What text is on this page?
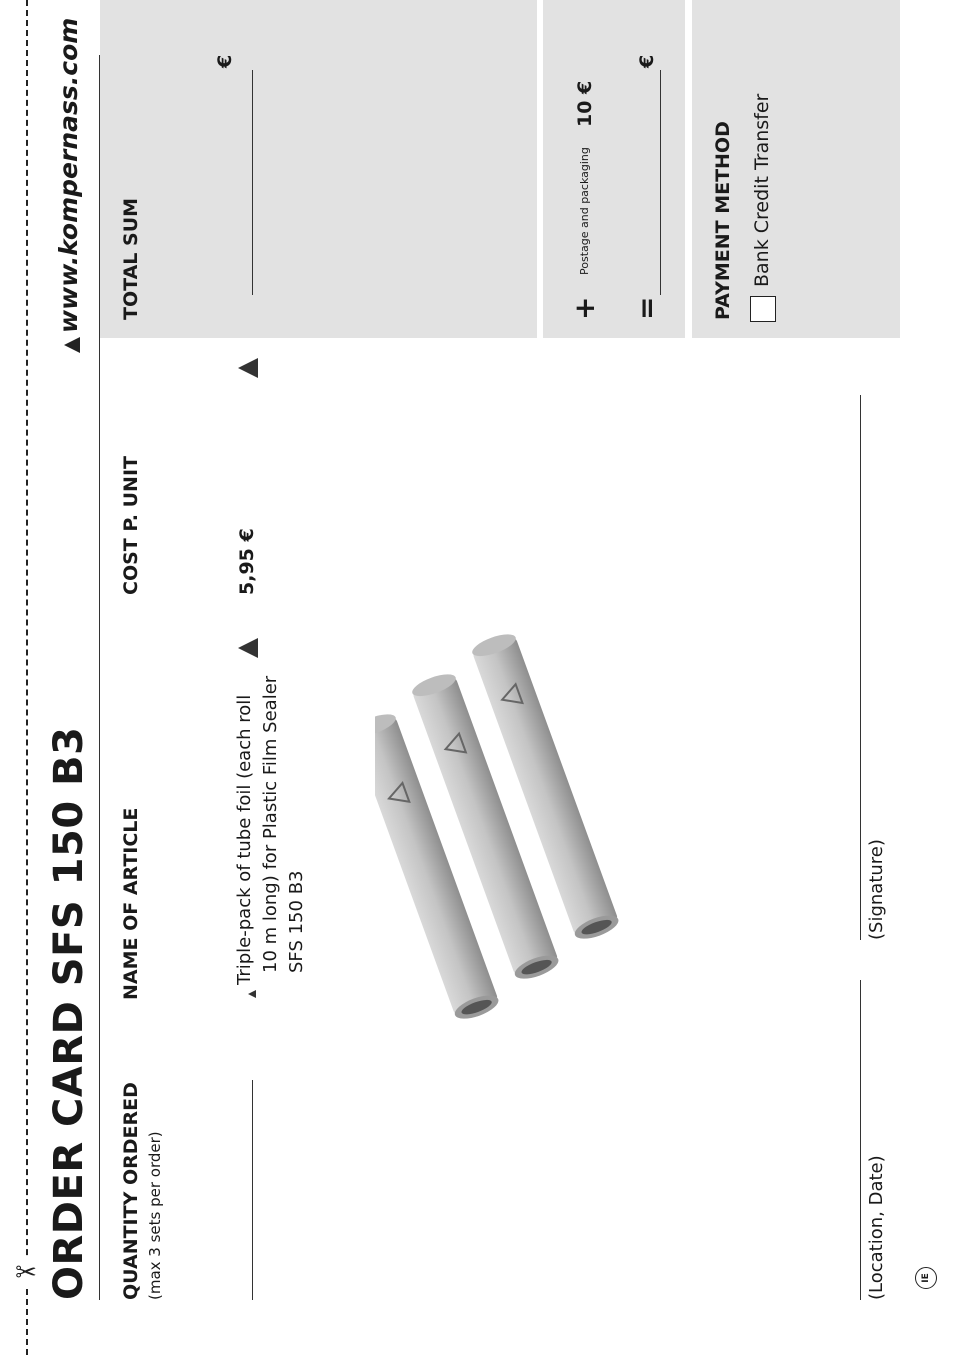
✂ ORDER CARD SFS 150 B3
www.kompernass.com
QUANTITY ORDERED (max 3 sets per order)
NAME OF ARTICLE
COST P. UNIT
TOTAL SUM
Triple-pack of tube foil (each roll 10 m long) for Plastic Film Sealer SFS 150 B3
5,95 €
€
+
Postage and packaging
10 €
=
€
PAYMENT METHOD Bank Credit Transfer
(Location, Date)
(Signature)
IE
